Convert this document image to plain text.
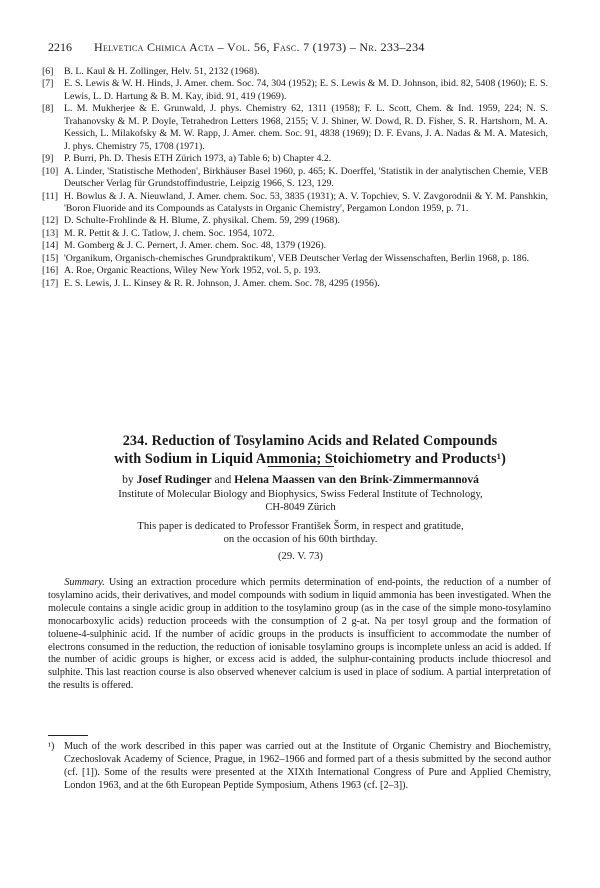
2216 Helvetica Chimica Acta – Vol. 56, Fasc. 7 (1973) – Nr. 233–234
[6]	B. L. Kaul & H. Zollinger, Helv. 51, 2132 (1968).
[7]	E. S. Lewis & W. H. Hinds, J. Amer. chem. Soc. 74, 304 (1952); E. S. Lewis & M. D. Johnson, ibid. 82, 5408 (1960); E. S. Lewis, L. D. Hartung & B. M. Kay, ibid. 91, 419 (1969).
[8]	L. M. Mukherjee & E. Grunwald, J. phys. Chemistry 62, 1311 (1958); F. L. Scott, Chem. & Ind. 1959, 224; N. S. Trahanovsky & M. P. Doyle, Tetrahedron Letters 1968, 2155; V. J. Shiner, W. Dowd, R. D. Fisher, S. R. Hartshorn, M. A. Kessich, L. Milakofsky & M. W. Rapp, J. Amer. chem. Soc. 91, 4838 (1969); D. F. Evans, J. A. Nadas & M. A. Matesich, J. phys. Chemistry 75, 1708 (1971).
[9]	P. Burri, Ph. D. Thesis ETH Zürich 1973, a) Table 6; b) Chapter 4.2.
[10] A. Linder, 'Statistische Methoden', Birkhäuser Basel 1960, p. 465; K. Doerffel, 'Statistik in der analytischen Chemie, VEB Deutscher Verlag für Grundstoffindustrie, Leipzig 1966, S. 123, 129.
[11] H. Bowlus & J. A. Nieuwland, J. Amer. chem. Soc. 53, 3835 (1931); A. V. Topchiev, S. V. Zavgorodnii & Y. M. Panshkin, 'Boron Fluoride and its Compounds as Catalysts in Organic Chemistry', Pergamon London 1959, p. 71.
[12] D. Schulte-Frohlinde & H. Blume, Z. physikal. Chem. 59, 299 (1968).
[13] M. R. Pettit & J. C. Tatlow, J. chem. Soc. 1954, 1072.
[14] M. Gomberg & J. C. Pernert, J. Amer. chem. Soc. 48, 1379 (1926).
[15] 'Organikum, Organisch-chemisches Grundpraktikum', VEB Deutscher Verlag der Wissenschaften, Berlin 1968, p. 186.
[16] A. Roe, Organic Reactions, Wiley New York 1952, vol. 5, p. 193.
[17] E. S. Lewis, J. L. Kinsey & R. R. Johnson, J. Amer. chem. Soc. 78, 4295 (1956).
234. Reduction of Tosylamino Acids and Related Compounds
with Sodium in Liquid Ammonia; Stoichiometry and Products¹)
by Josef Rudinger and Helena Maassen van den Brink-Zimmermannová
Institute of Molecular Biology and Biophysics, Swiss Federal Institute of Technology,
CH-8049 Zürich
This paper is dedicated to Professor František Šorm, in respect and gratitude,
on the occasion of his 60th birthday.
(29. V. 73)
Summary. Using an extraction procedure which permits determination of end-points, the reduction of a number of tosylamino acids, their derivatives, and model compounds with sodium in liquid ammonia has been investigated. When the molecule contains a single acidic group in addition to the tosylamino group (as in the case of the simple mono-tosylamino monocarboxylic acids) reduction proceeds with the consumption of 2 g-at. Na per tosyl group and the formation of toluene-4-sulphinic acid. If the number of acidic groups in the products is insufficient to accommodate the number of electrons consumed in the reduction, the reduction of ionisable tosylamino groups is incomplete unless an acid is added. If the number of acidic groups is higher, or excess acid is added, the sulphur-containing products include thiocresol and sulphite. This last reaction course is also observed whenever calcium is used in place of sodium. A partial interpretation of the results is offered.
¹) Much of the work described in this paper was carried out at the Institute of Organic Chemistry and Biochemistry, Czechoslovak Academy of Science, Prague, in 1962–1966 and formed part of a thesis submitted by the second author (cf. [1]). Some of the results were presented at the XIXth International Congress of Pure and Applied Chemistry, London 1963, and at the 6th European Peptide Symposium, Athens 1963 (cf. [2–3]).
